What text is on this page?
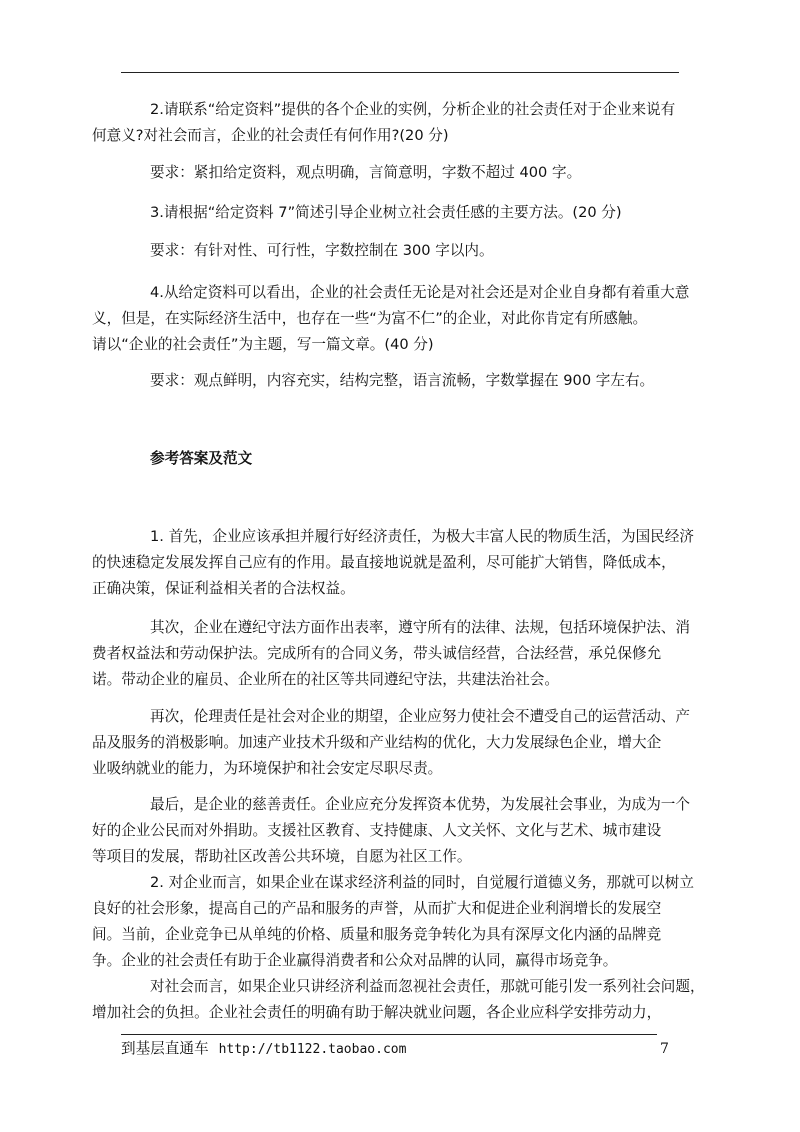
2.请联系“给定资料”提供的各个企业的实例，分析企业的社会责任对于企业来说有
何意义?对社会而言，企业的社会责任有何作用?(20 分)
要求：紧扣给定资料，观点明确，言简意明，字数不超过 400 字。
3.请根据“给定资料 7”简述引导企业树立社会责任感的主要方法。(20 分)
要求：有针对性、可行性，字数控制在 300 字以内。
4.从给定资料可以看出，企业的社会责任无论是对社会还是对企业自身都有着重大意
义，但是，在实际经济生活中，也存在一些“为富不仁”的企业，对此你肯定有所感触。
请以“企业的社会责任”为主题，写一篇文章。(40 分)
要求：观点鲜明，内容充实，结构完整，语言流畅，字数掌握在 900 字左右。
参考答案及范文
1. 首先，企业应该承担并履行好经济责任，为极大丰富人民的物质生活，为国民经济
的快速稳定发展发挥自己应有的作用。最直接地说就是盈利，尽可能扩大销售，降低成本，
正确决策，保证利益相关者的合法权益。
其次，企业在遵纪守法方面作出表率，遵守所有的法律、法规，包括环境保护法、消
费者权益法和劳动保护法。完成所有的合同义务，带头诚信经营，合法经营，承兑保修允
诺。带动企业的雇员、企业所在的社区等共同遵纪守法，共建法治社会。
再次，伦理责任是社会对企业的期望，企业应努力使社会不遭受自己的运营活动、产
品及服务的消极影响。加速产业技术升级和产业结构的优化，大力发展绿色企业，增大企
业吸纳就业的能力，为环境保护和社会安定尽职尽责。
最后，是企业的慈善责任。企业应充分发挥资本优势，为发展社会事业，为成为一个
好的企业公民而对外捐助。支援社区教育、支持健康、人文关怀、文化与艺术、城市建设
等项目的发展，帮助社区改善公共环境，自愿为社区工作。
2. 对企业而言，如果企业在谋求经济利益的同时，自觉履行道德义务，那就可以树立
良好的社会形象，提高自己的产品和服务的声誉，从而扩大和促进企业利润增长的发展空
间。当前，企业竞争已从单纯的价格、质量和服务竞争转化为具有深厚文化内涵的品牌竞
争。企业的社会责任有助于企业赢得消费者和公众对品牌的认同，赢得市场竞争。
对社会而言，如果企业只讲经济利益而忽视社会责任，那就可能引发一系列社会问题，
增加社会的负担。企业社会责任的明确有助于解决就业问题，各企业应科学安排劳动力，
到基层直通车 http://tb1122.taobao.com	7
